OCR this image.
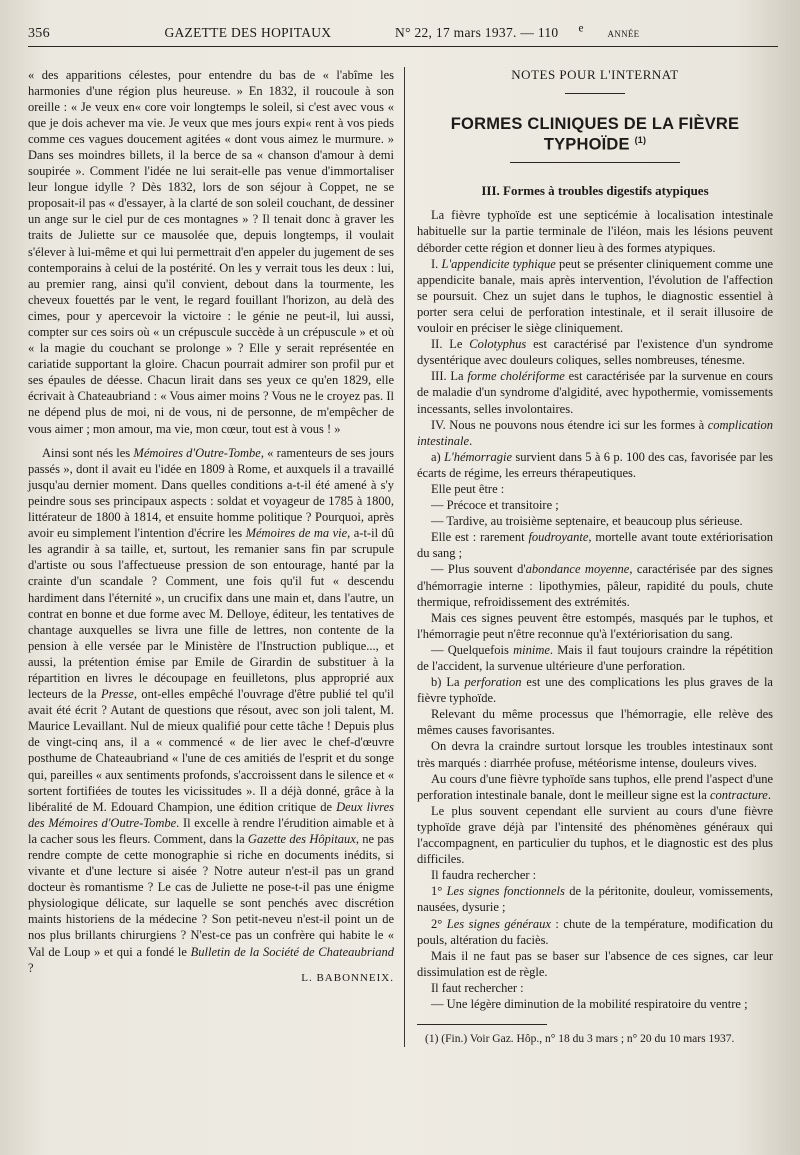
356	GAZETTE DES HOPITAUX	N° 22, 17 mars 1937. — 110 $^e$ année

« des apparitions célestes, pour entendre du bas de « l'abîme les harmonies d'une région plus heureuse. » En 1832, il roucoule à son oreille : « Je veux en« core voir longtemps le soleil, si c'est avec vous « que je dois achever ma vie. Je veux que mes jours expi« rent à vos pieds comme ces vagues doucement agitées « dont vous aimez le murmure. » Dans ses moindres billets, il la berce de sa « chanson d'amour à demi soupirée ». Comment l'idée ne lui serait-elle pas venue d'immortaliser leur longue idylle ? Dès 1832, lors de son séjour à Coppet, ne se proposait-il pas « d'essayer, à la clarté de son soleil couchant, de dessiner un ange sur le ciel pur de ces montagnes » ? Il tenait donc à graver les traits de Juliette sur ce mausolée que, depuis longtemps, il voulait s'élever à lui-même et qui lui permettrait d'en appeler du jugement de ses contemporains à celui de la postérité. On les y verrait tous les deux : lui, au premier rang, ainsi qu'il convient, debout dans la tourmente, les cheveux fouettés par le vent, le regard fouillant l'horizon, au delà des cimes, pour y apercevoir la victoire : le génie ne peut-il, lui aussi, compter sur ces soirs où « un crépuscule succède à un crépuscule » et où « la magie du couchant se prolonge » ? Elle y serait représentée en cariatide supportant la gloire. Chacun pourrait admirer son profil pur et ses épaules de déesse. Chacun lirait dans ses yeux ce qu'en 1829, elle écrivait à Chateaubriand : « Vous aimer moins ? Vous ne le croyez pas. Il ne dépend plus de moi, ni de vous, ni de personne, de m'empêcher de vous aimer ; mon amour, ma vie, mon cœur, tout est à vous ! »

Ainsi sont nés les Mémoires d'Outre-Tombe, « ramenteurs de ses jours passés », dont il avait eu l'idée en 1809 à Rome, et auxquels il a travaillé jusqu'au dernier moment. Dans quelles conditions a-t-il été amené à s'y peindre sous ses principaux aspects : soldat et voyageur de 1785 à 1800, littérateur de 1800 à 1814, et ensuite homme politique ? Pourquoi, après avoir eu simplement l'intention d'écrire les Mémoires de ma vie, a-t-il dû les agrandir à sa taille, et, surtout, les remanier sans fin par scrupule d'artiste ou sous l'affectueuse pression de son entourage, hanté par la crainte d'un scandale ? Comment, une fois qu'il fut « descendu hardiment dans l'éternité », un crucifix dans une main et, dans l'autre, un contrat en bonne et due forme avec M. Delloye, éditeur, les tentatives de chantage auxquelles se livra une fille de lettres, non contente de la pension à elle versée par le Ministère de l'Instruction publique..., et aussi, la prétention émise par Emile de Girardin de substituer à la répartition en livres le découpage en feuilletons, plus approprié aux lecteurs de la Presse, ont-elles empêché l'ouvrage d'être publié tel qu'il avait été écrit ? Autant de questions que résout, avec son joli talent, M. Maurice Levaillant. Nul de mieux qualifié pour cette tâche ! Depuis plus de vingt-cinq ans, il a « commencé « de lier avec le chef-d'œuvre posthume de Chateaubriand « l'une de ces amitiés de l'esprit et du songe qui, pareilles « aux sentiments profonds, s'accroissent dans le silence et « sortent fortifiées de toutes les vicissitudes ». Il a déjà donné, grâce à la libéralité de M. Edouard Champion, une édition critique de Deux livres des Mémoires d'Outre-Tombe. Il excelle à rendre l'érudition aimable et à la cacher sous les fleurs. Comment, dans la Gazette des Hôpitaux, ne pas rendre compte de cette monographie si riche en documents inédits, si vivante et d'une lecture si aisée ? Notre auteur n'est-il pas un grand docteur ès romantisme ? Le cas de Juliette ne pose-t-il pas une énigme physiologique délicate, sur laquelle se sont penchés avec discrétion maints historiens de la médecine ? Son petit-neveu n'est-il point un de nos plus brillants chirurgiens ? N'est-ce pas un confrère qui habite le « Val de Loup » et qui a fondé le Bulletin de la Société de Chateaubriand ?

L. BABONNEIX.
NOTES POUR L'INTERNAT
FORMES CLINIQUES DE LA FIÈVRE TYPHOÏDE $^{(1)}$
III. Formes à troubles digestifs atypiques

La fièvre typhoïde est une septicémie à localisation intestinale habituelle sur la partie terminale de l'iléon, mais les lésions peuvent déborder cette région et donner lieu à des formes atypiques.

I. L'appendicite typhique peut se présenter cliniquement comme une appendicite banale, mais après intervention, l'évolution de l'affection se poursuit. Chez un sujet dans le tuphos, le diagnostic essentiel à porter sera celui de perforation intestinale, et il serait illusoire de vouloir en préciser le siège cliniquement.

II. Le Colotyphus est caractérisé par l'existence d'un syndrome dysentérique avec douleurs coliques, selles nombreuses, ténesme.

III. La forme cholériforme est caractérisée par la survenue en cours de maladie d'un syndrome d'algidité, avec hypothermie, vomissements incessants, selles involontaires.

IV. Nous ne pouvons nous étendre ici sur les formes à complication intestinale.

a) L'hémorragie survient dans 5 à 6 p. 100 des cas, favorisée par les écarts de régime, les erreurs thérapeutiques.

Elle peut être :

— Précoce et transitoire ;

— Tardive, au troisième septenaire, et beaucoup plus sérieuse.

Elle est : rarement foudroyante, mortelle avant toute extériorisation du sang ;

— Plus souvent d'abondance moyenne, caractérisée par des signes d'hémorragie interne : lipothymies, pâleur, rapidité du pouls, chute thermique, refroidissement des extrémités.

Mais ces signes peuvent être estompés, masqués par le tuphos, et l'hémorragie peut n'être reconnue qu'à l'extériorisation du sang.

— Quelquefois minime. Mais il faut toujours craindre la répétition de l'accident, la survenue ultérieure d'une perforation.

b) La perforation est une des complications les plus graves de la fièvre typhoïde.

Relevant du même processus que l'hémorragie, elle relève des mêmes causes favorisantes.

On devra la craindre surtout lorsque les troubles intestinaux sont très marqués : diarrhée profuse, météorisme intense, douleurs vives.

Au cours d'une fièvre typhoïde sans tuphos, elle prend l'aspect d'une perforation intestinale banale, dont le meilleur signe est la contracture.

Le plus souvent cependant elle survient au cours d'une fièvre typhoïde grave déjà par l'intensité des phénomènes généraux qui l'accompagnent, en particulier du tuphos, et le diagnostic est des plus difficiles.

Il faudra rechercher :

1° Les signes fonctionnels de la péritonite, douleur, vomissements, nausées, dysurie ;

2° Les signes généraux : chute de la température, modification du pouls, altération du faciès.

Mais il ne faut pas se baser sur l'absence de ces signes, car leur dissimulation est de règle.

Il faut rechercher :

— Une légère diminution de la mobilité respiratoire du ventre ;

(1) (Fin.) Voir Gaz. Hôp., n° 18 du 3 mars ; n° 20 du 10 mars 1937.
